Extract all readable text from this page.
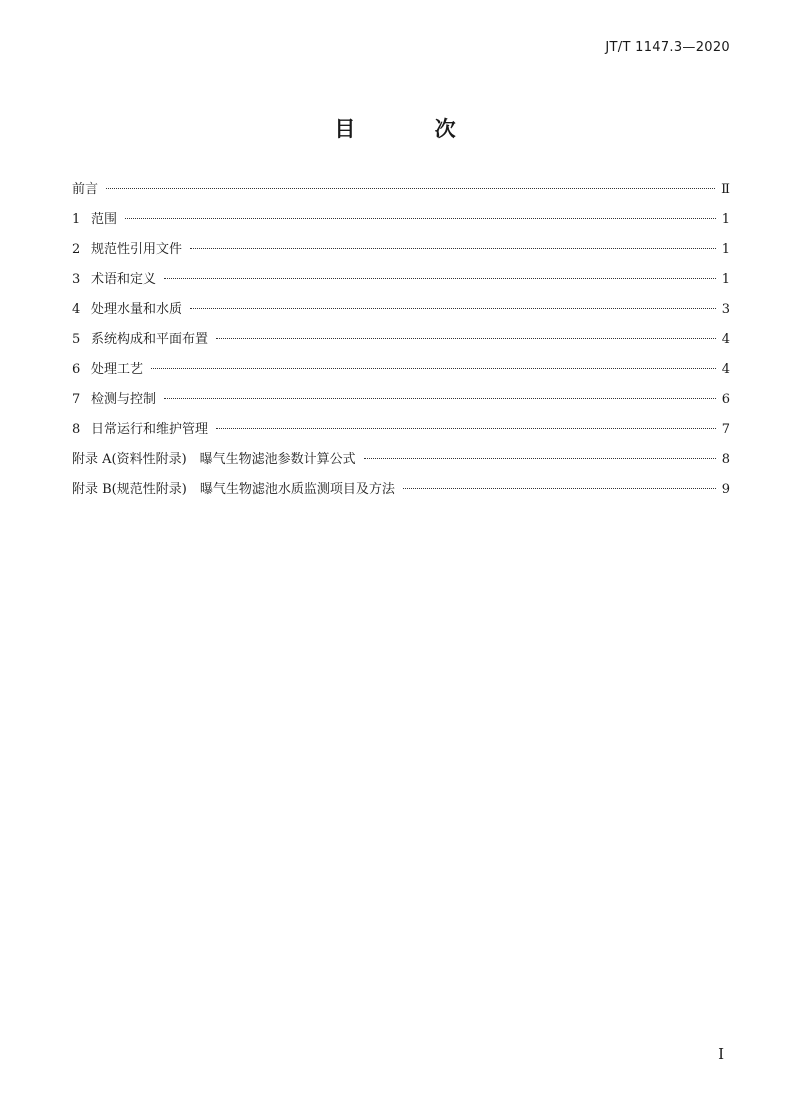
JT/T 1147.3—2020
目 次
前言	Ⅱ
1 范围	1
2 规范性引用文件	1
3 术语和定义	1
4 处理水量和水质	3
5 系统构成和平面布置	4
6 处理工艺	4
7 检测与控制	6
8 日常运行和维护管理	7
附录 A(资料性附录)　曝气生物滤池参数计算公式	8
附录 B(规范性附录)　曝气生物滤池水质监测项目及方法	9
I
